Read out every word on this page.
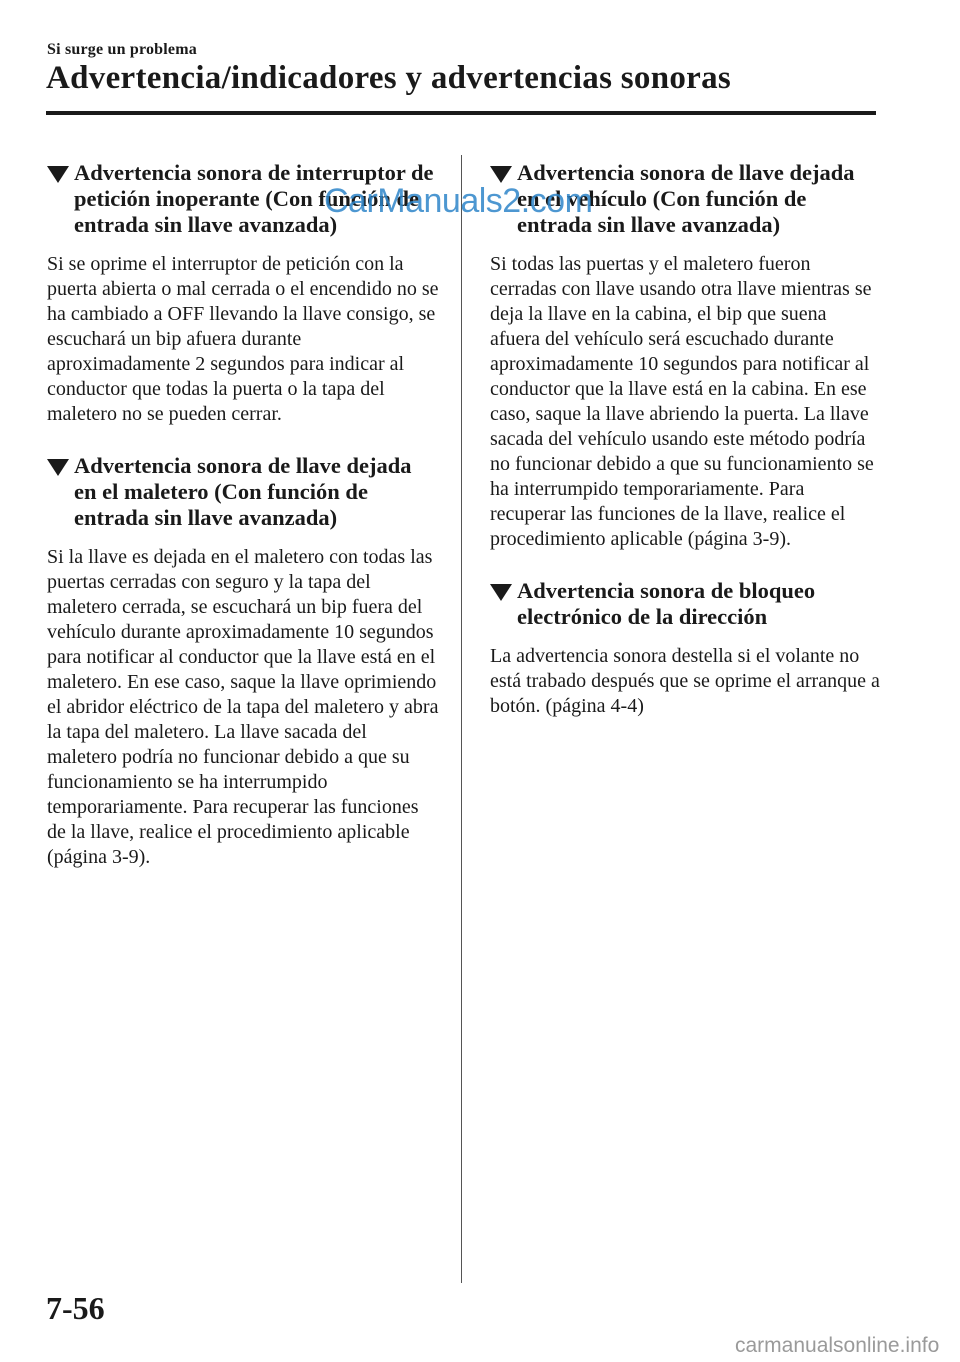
Si surge un problema
Advertencia/indicadores y advertencias sonoras
Advertencia sonora de interruptor de petición inoperante (Con función de entrada sin llave avanzada)

Si se oprime el interruptor de petición con la puerta abierta o mal cerrada o el encendido no se ha cambiado a OFF llevando la llave consigo, se escuchará un bip afuera durante aproximadamente 2 segundos para indicar al conductor que todas la puerta o la tapa del maletero no se pueden cerrar.

Advertencia sonora de llave dejada en el maletero (Con función de entrada sin llave avanzada)

Si la llave es dejada en el maletero con todas las puertas cerradas con seguro y la tapa del maletero cerrada, se escuchará un bip fuera del vehículo durante aproximadamente 10 segundos para notificar al conductor que la llave está en el maletero. En ese caso, saque la llave oprimiendo el abridor eléctrico de la tapa del maletero y abra la tapa del maletero. La llave sacada del maletero podría no funcionar debido a que su funcionamiento se ha interrumpido temporariamente. Para recuperar las funciones de la llave, realice el procedimiento aplicable (página 3-9).

Advertencia sonora de llave dejada en el vehículo (Con función de entrada sin llave avanzada)

Si todas las puertas y el maletero fueron cerradas con llave usando otra llave mientras se deja la llave en la cabina, el bip que suena afuera del vehículo será escuchado durante aproximadamente 10 segundos para notificar al conductor que la llave está en la cabina. En ese caso, saque la llave abriendo la puerta. La llave sacada del vehículo usando este método podría no funcionar debido a que su funcionamiento se ha interrumpido temporariamente. Para recuperar las funciones de la llave, realice el procedimiento aplicable (página 3-9).

Advertencia sonora de bloqueo electrónico de la dirección

La advertencia sonora destella si el volante no está trabado después que se oprime el arranque a botón. (página 4-4)

CarManuals2.com
7-56
carmanualsonline.info
